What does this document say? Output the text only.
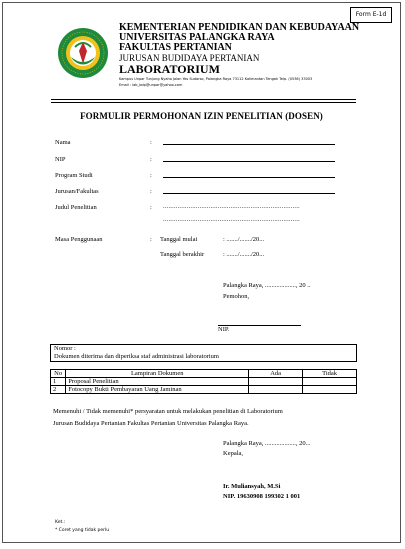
Form E-1d
KEMENTERIAN PENDIDIKAN DAN KEBUDAYAAN
UNIVERSITAS PALANGKA RAYA
FAKULTAS PERTANIAN
JURUSAN BUDIDAYA PERTANIAN
LABORATORIUM
Kampus Unpar Tunjung Nyaho Jalan Yos Sudarso, Palangka Raya 73112 Kalimantan Tengah Telp. (0536) 33003
Email : lab_bdp@unpar@yahoo.com
FORMULIR PERMOHONAN IZIN PENELITIAN (DOSEN)
Nama	:
NIP	:
Program Studi	:
Jurusan/Fakultas	:
Judul Penelitian	: ...........................................................................
...........................................................................
Masa Penggunaan	: Tanggal mulai	: ......./......./20...
Tanggal berakhir	: ......./......./20...
Palangka Raya, ..................., 20 ..
Pemohon,
NIP.
Nomor :
Dokumen diterima dan diperiksa staf administrasi laboratorium
No	Lampiran Dokumen	Ada	Tidak
1	Proposal Penelitian		
2	Fotocopy Bukti Pembayaran Uang Jaminan		
Memenuhi / Tidak memenuhi* persyaratan untuk melakukan penelitian di Laboratorium
Jurusan Budidaya Pertanian Fakultas Pertanian Universitas Palangka Raya.
Palangka Raya, ..................., 20...
Kepala,
Ir. Muliansyah, M.Si
NIP. 19630908 199302 1 001
Ket.:
* Coret yang tidak perlu
